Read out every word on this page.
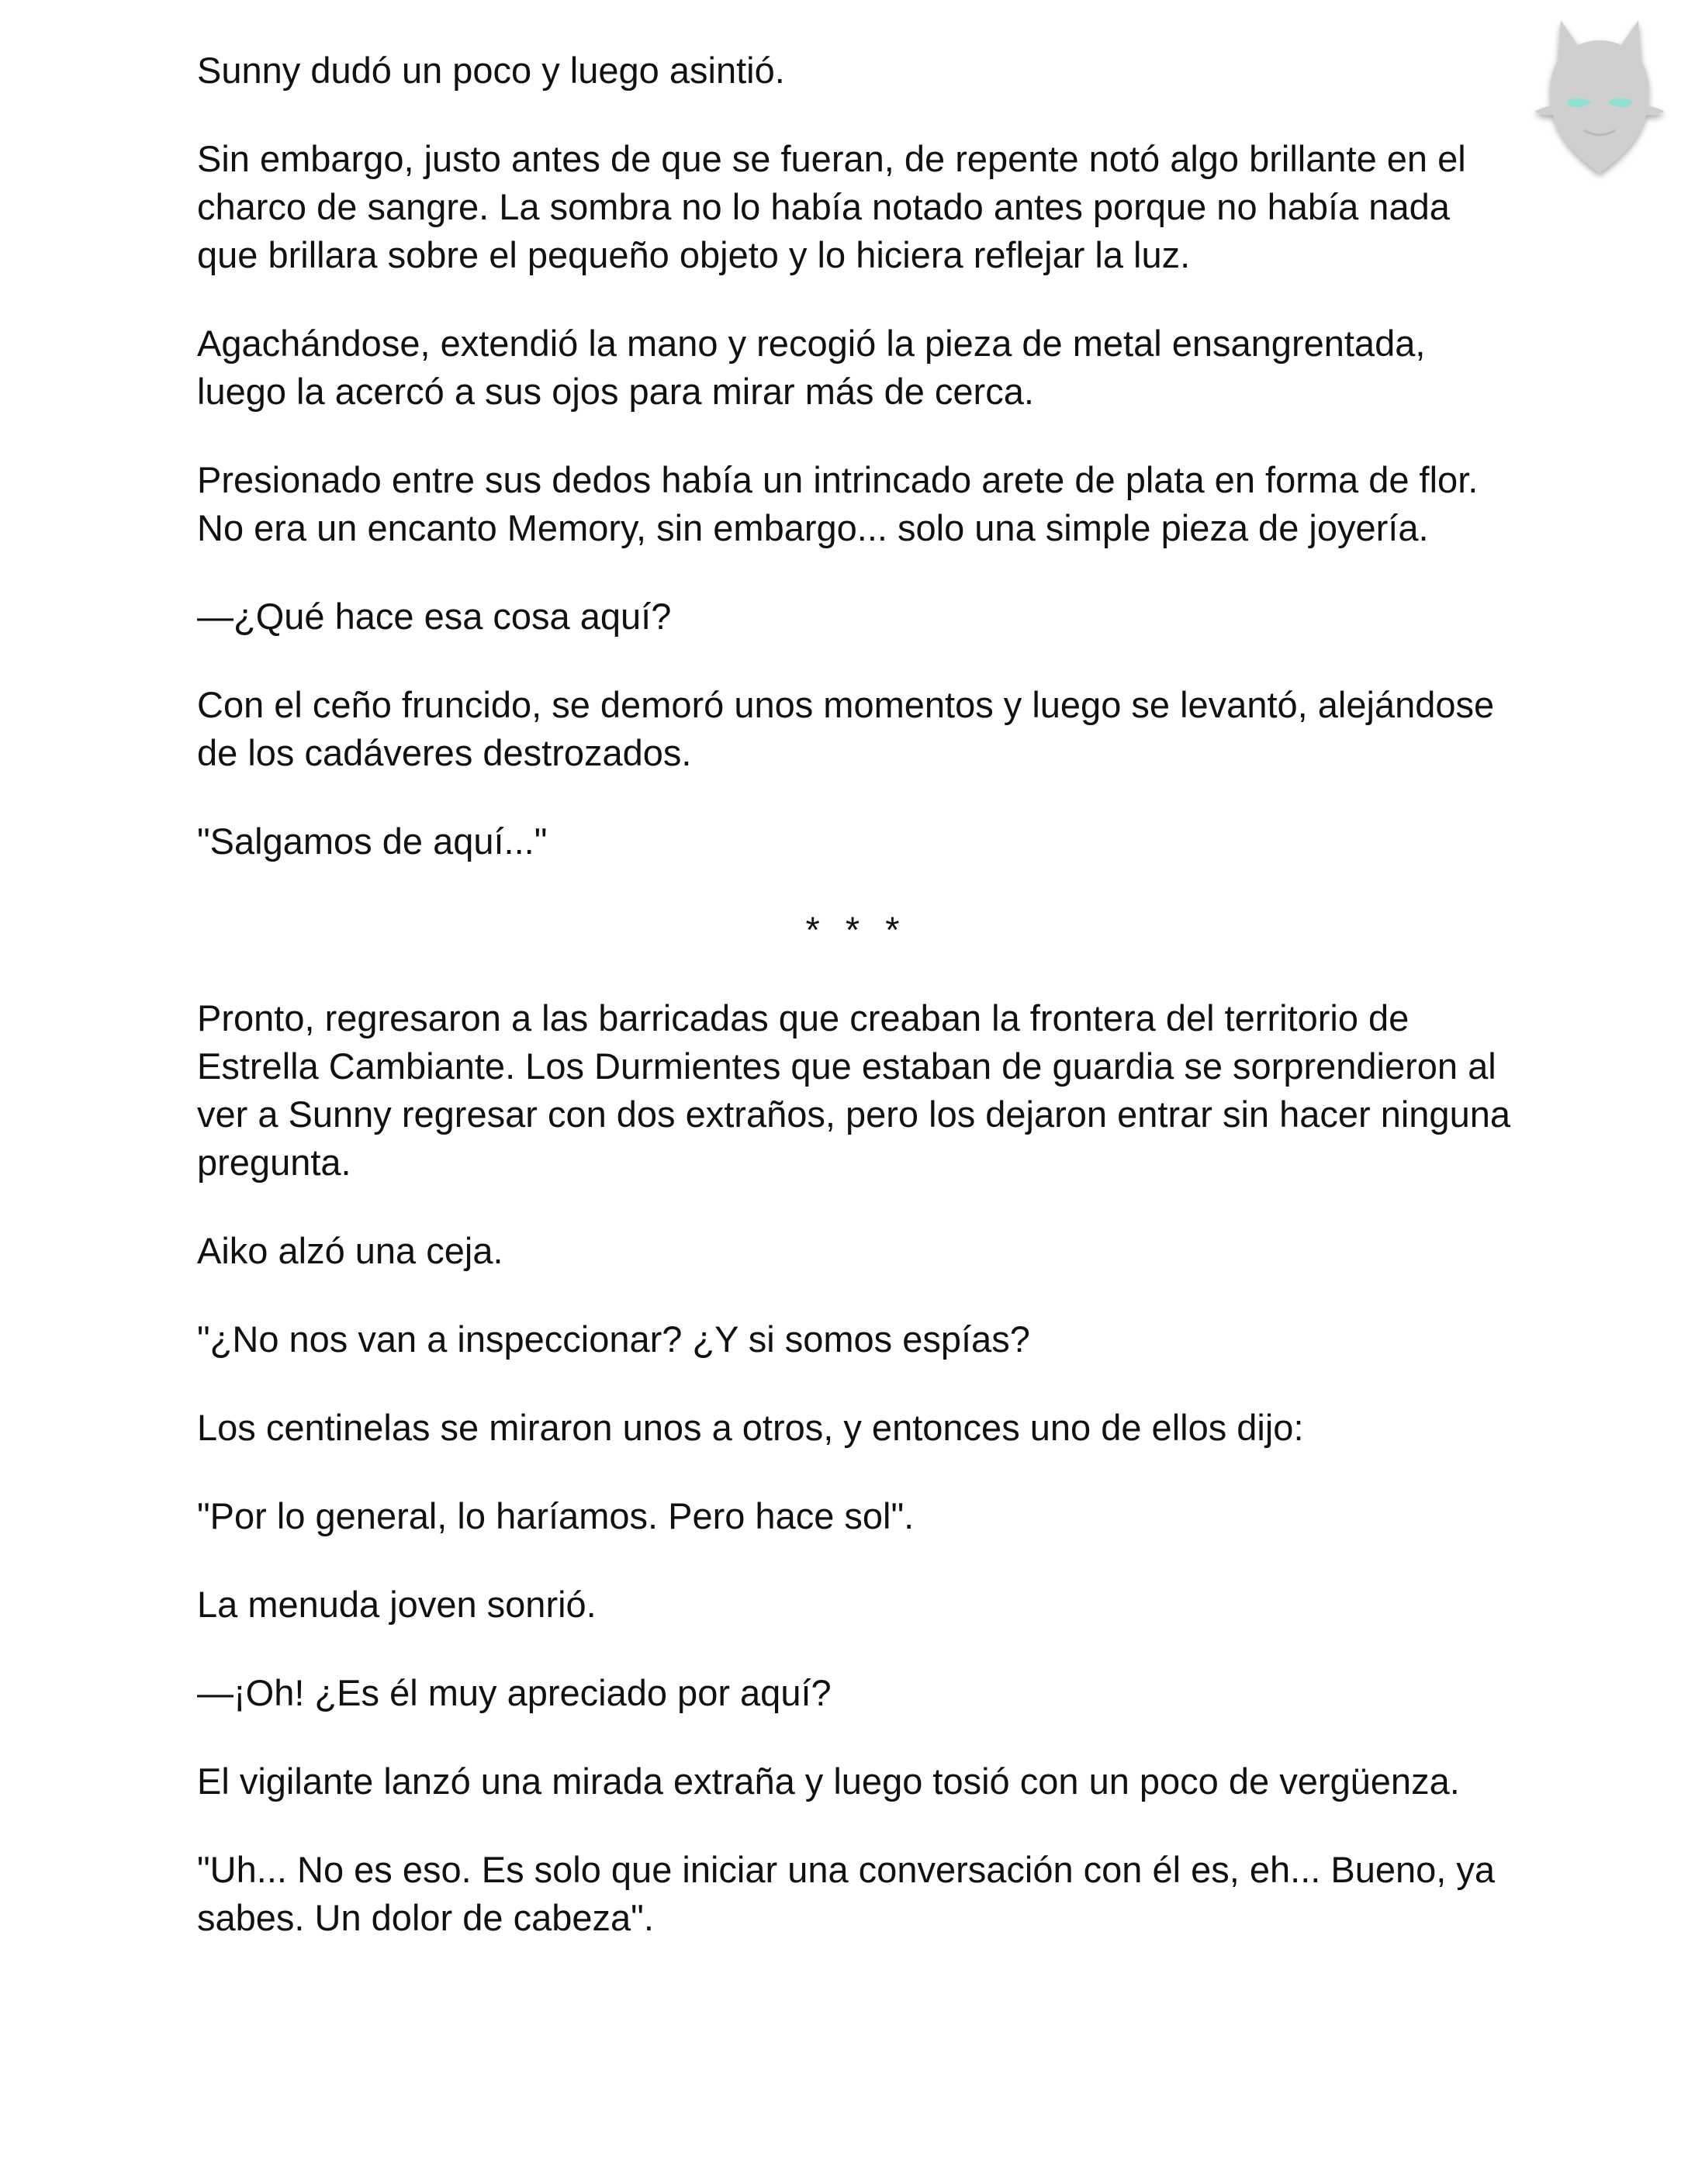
Sunny dudó un poco y luego asintió.

Sin embargo, justo antes de que se fueran, de repente notó algo brillante en el charco de sangre. La sombra no lo había notado antes porque no había nada que brillara sobre el pequeño objeto y lo hiciera reflejar la luz.

Agachándose, extendió la mano y recogió la pieza de metal ensangrentada, luego la acercó a sus ojos para mirar más de cerca.

Presionado entre sus dedos había un intrincado arete de plata en forma de flor. No era un encanto Memory, sin embargo... solo una simple pieza de joyería.

—¿Qué hace esa cosa aquí?

Con el ceño fruncido, se demoró unos momentos y luego se levantó, alejándose de los cadáveres destrozados.

"Salgamos de aquí..."

* * *

Pronto, regresaron a las barricadas que creaban la frontera del territorio de Estrella Cambiante. Los Durmientes que estaban de guardia se sorprendieron al ver a Sunny regresar con dos extraños, pero los dejaron entrar sin hacer ninguna pregunta.

Aiko alzó una ceja.

"¿No nos van a inspeccionar? ¿Y si somos espías?

Los centinelas se miraron unos a otros, y entonces uno de ellos dijo:

"Por lo general, lo haríamos. Pero hace sol".

La menuda joven sonrió.

—¡Oh! ¿Es él muy apreciado por aquí?

El vigilante lanzó una mirada extraña y luego tosió con un poco de vergüenza.

"Uh... No es eso. Es solo que iniciar una conversación con él es, eh... Bueno, ya sabes. Un dolor de cabeza".
